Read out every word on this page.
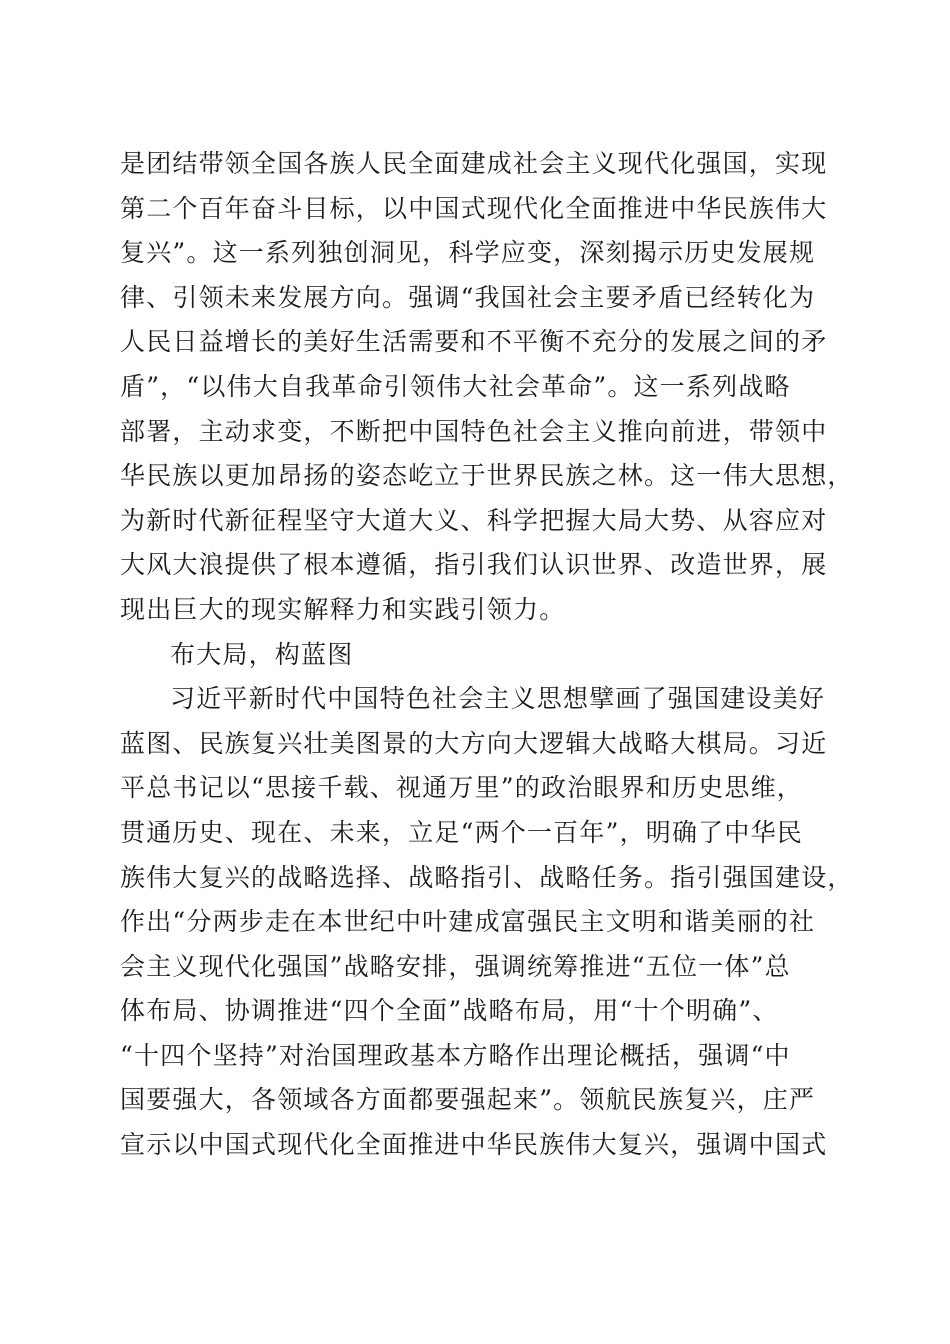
是团结带领全国各族人民全面建成社会主义现代化强国，实现
第二个百年奋斗目标，以中国式现代化全面推进中华民族伟大
复兴”。这一系列独创洞见，科学应变，深刻揭示历史发展规
律、引领未来发展方向。强调“我国社会主要矛盾已经转化为
人民日益增长的美好生活需要和不平衡不充分的发展之间的矛
盾”，“以伟大自我革命引领伟大社会革命”。这一系列战略
部署，主动求变，不断把中国特色社会主义推向前进，带领中
华民族以更加昂扬的姿态屹立于世界民族之林。这一伟大思想，
为新时代新征程坚守大道大义、科学把握大局大势、从容应对
大风大浪提供了根本遵循，指引我们认识世界、改造世界，展
现出巨大的现实解释力和实践引领力。
布大局，构蓝图
习近平新时代中国特色社会主义思想擘画了强国建设美好
蓝图、民族复兴壮美图景的大方向大逻辑大战略大棋局。习近
平总书记以“思接千载、视通万里”的政治眼界和历史思维，
贯通历史、现在、未来，立足“两个一百年”，明确了中华民
族伟大复兴的战略选择、战略指引、战略任务。指引强国建设，
作出“分两步走在本世纪中叶建成富强民主文明和谐美丽的社
会主义现代化强国”战略安排，强调统筹推进“五位一体”总
体布局、协调推进“四个全面”战略布局，用“十个明确”、
“十四个坚持”对治国理政基本方略作出理论概括，强调“中
国要强大，各领域各方面都要强起来”。领航民族复兴，庄严
宣示以中国式现代化全面推进中华民族伟大复兴，强调中国式
